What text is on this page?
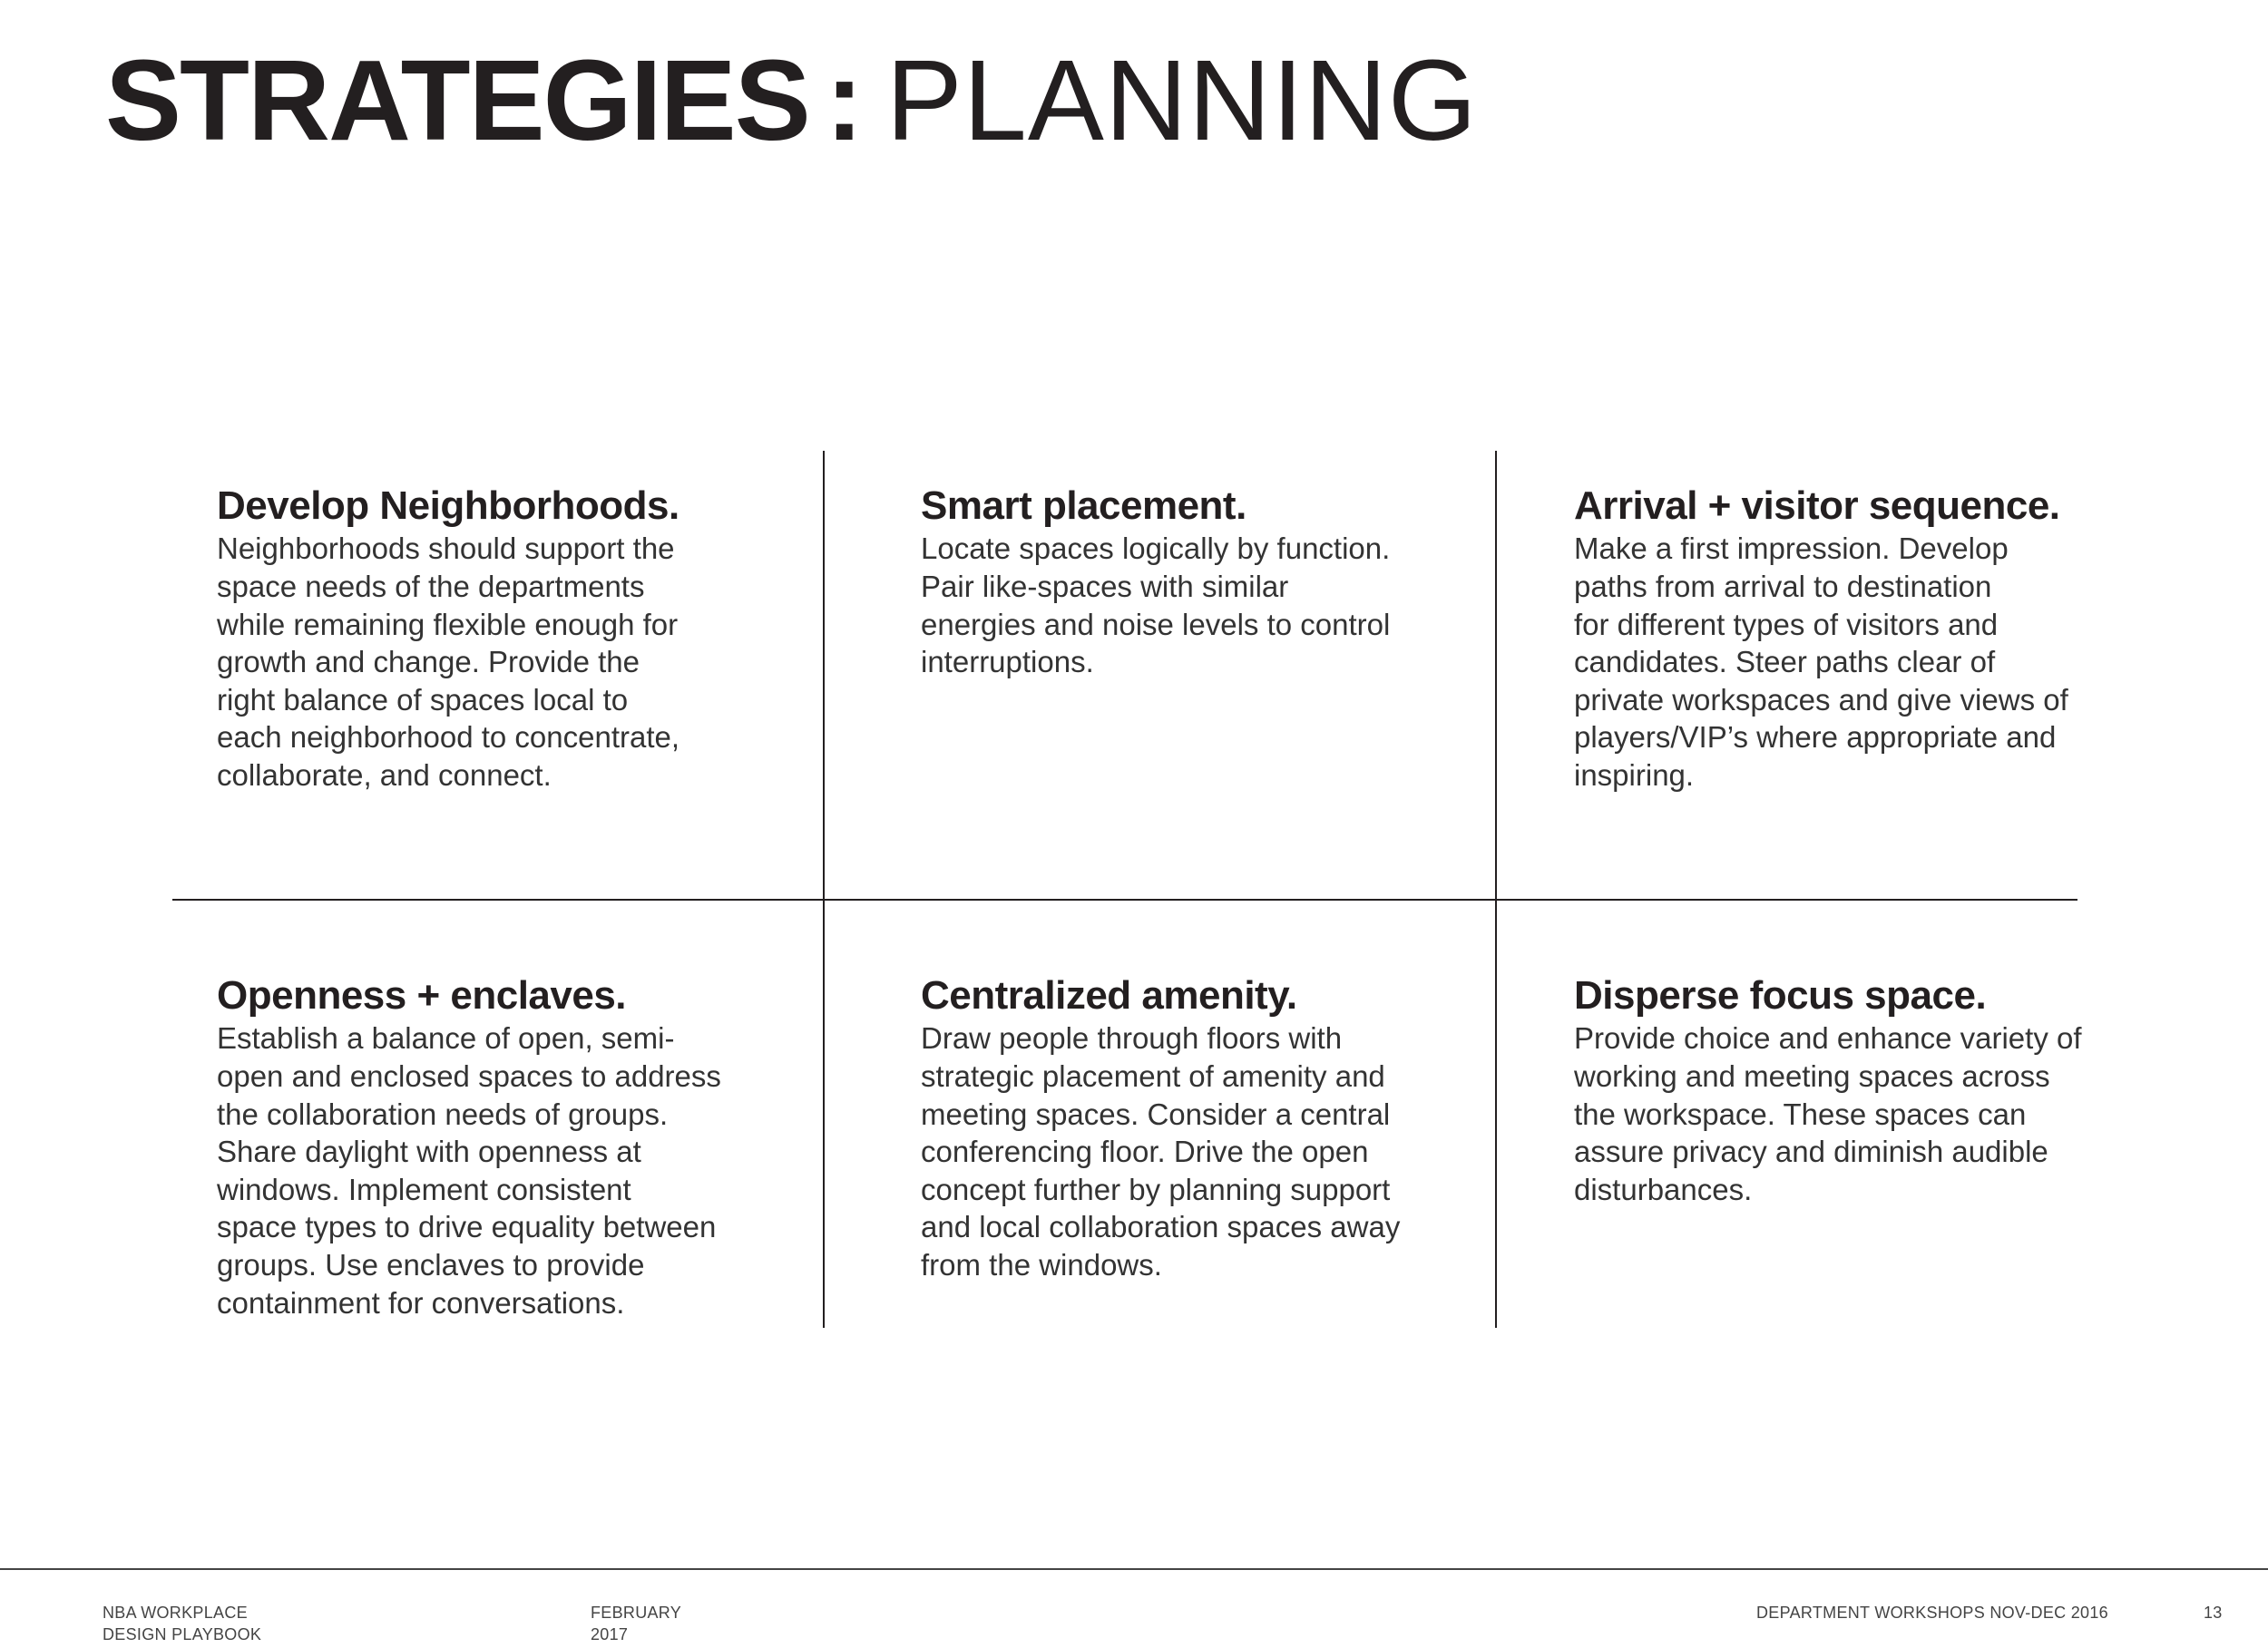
STRATEGIES : PLANNING
Develop Neighborhoods.

Neighborhoods should support the
space needs of the departments
while remaining flexible enough for
growth and change. Provide the
right balance of spaces local to
each neighborhood to concentrate,
collaborate, and connect.

Smart placement.

Locate spaces logically by function.
Pair like-spaces with similar
energies and noise levels to control
interruptions.

Arrival + visitor sequence.

Make a first impression. Develop
paths from arrival to destination
for different types of visitors and
candidates. Steer paths clear of
private workspaces and give views of
players/VIP’s where appropriate and
inspiring.

Openness + enclaves.

Establish a balance of open, semi-
open and enclosed spaces to address
the collaboration needs of groups.
Share daylight with openness at
windows. Implement consistent
space types to drive equality between
groups. Use enclaves to provide
containment for conversations.

Centralized amenity.

Draw people through floors with
strategic placement of amenity and
meeting spaces. Consider a central
conferencing floor. Drive the open
concept further by planning support
and local collaboration spaces away
from the windows.

Disperse focus space.

Provide choice and enhance variety of
working and meeting spaces across
the workspace. These spaces can
assure privacy and diminish audible
disturbances.

NBA WORKPLACE
DESIGN PLAYBOOK
FEBRUARY
2017
DEPARTMENT WORKSHOPS NOV-DEC 2016	13
